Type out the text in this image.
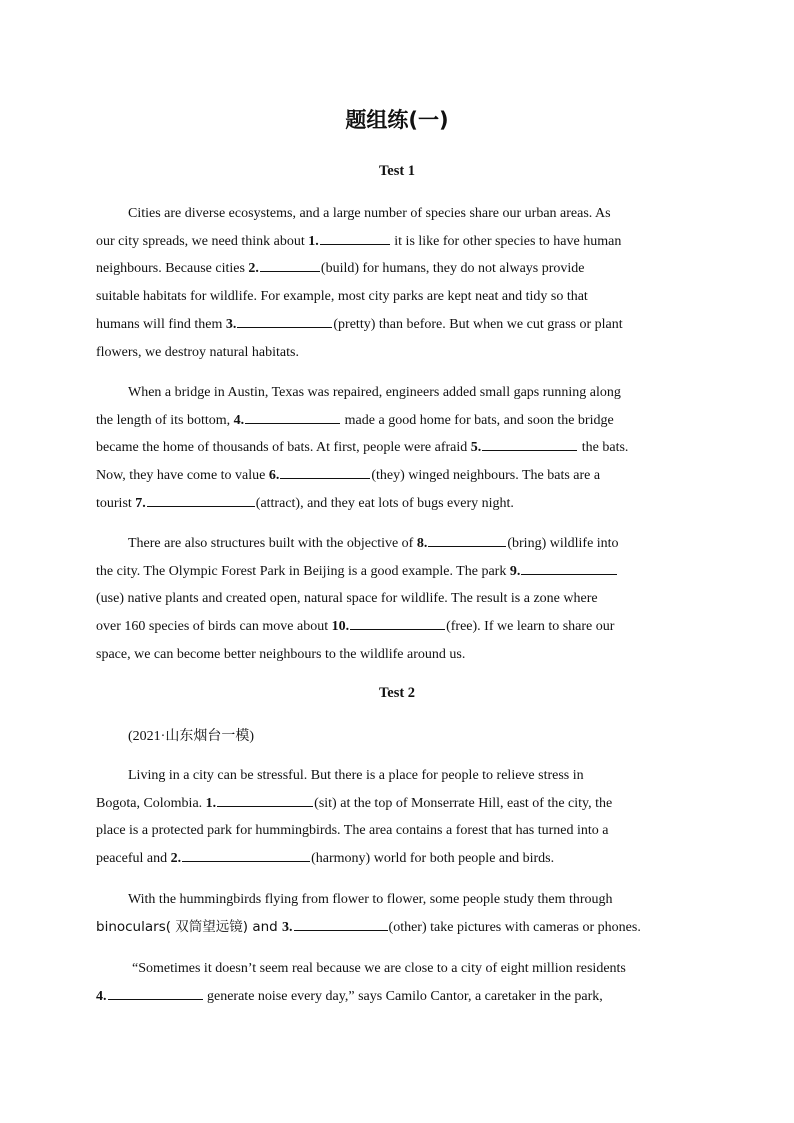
题组练(一)
Test 1
Cities are diverse ecosystems, and a large number of species share our urban areas. As
our city spreads, we need think about 1.	it is like for other species to have human
neighbours. Because cities 2.	(build) for humans, they do not always provide
suitable habitats for wildlife. For example, most city parks are kept neat and tidy so that
humans will find them 3.	(pretty) than before. But when we cut grass or plant
flowers, we destroy natural habitats.
When a bridge in Austin, Texas was repaired, engineers added small gaps running along
the length of its bottom, 4.	made a good home for bats, and soon the bridge
became the home of thousands of bats. At first, people were afraid 5.	the bats.
Now, they have come to value 6.	(they) winged neighbours. The bats are a
tourist 7.	(attract), and they eat lots of bugs every night.
There are also structures built with the objective of 8.	(bring) wildlife into
the city. The Olympic Forest Park in Beijing is a good example. The park 9.
(use) native plants and created open, natural space for wildlife. The result is a zone where
over 160 species of birds can move about 10.	(free). If we learn to share our
space, we can become better neighbours to the wildlife around us.
Test 2
(2021·山东烟台一模)
Living in a city can be stressful. But there is a place for people to relieve stress in
Bogota, Colombia. 1.	(sit) at the top of Monserrate Hill, east of the city, the
place is a protected park for hummingbirds. The area contains a forest that has turned into a
peaceful and 2.	(harmony) world for both people and birds.
With the hummingbirds flying from flower to flower, some people study them through
binoculars( 双筒望远镜) and 3.	(other) take pictures with cameras or phones.
“Sometimes it doesn’t seem real because we are close to a city of eight million residents
4.	generate noise every day,” says Camilo Cantor, a caretaker in the park,
